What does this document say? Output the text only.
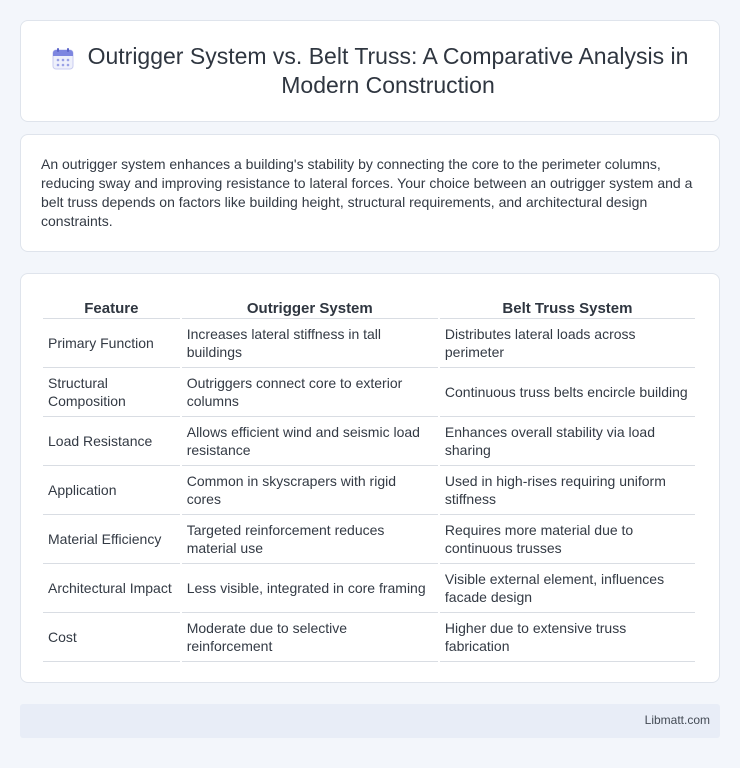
Outrigger System vs. Belt Truss: A Comparative Analysis in Modern Construction

An outrigger system enhances a building's stability by connecting the core to the perimeter columns, reducing sway and improving resistance to lateral forces. Your choice between an outrigger system and a belt truss depends on factors like building height, structural requirements, and architectural design constraints.

Feature	Outrigger System	Belt Truss System
Primary Function	Increases lateral stiffness in tall buildings	Distributes lateral loads across perimeter
Structural Composition	Outriggers connect core to exterior columns	Continuous truss belts encircle building
Load Resistance	Allows efficient wind and seismic load resistance	Enhances overall stability via load sharing
Application	Common in skyscrapers with rigid cores	Used in high-rises requiring uniform stiffness
Material Efficiency	Targeted reinforcement reduces material use	Requires more material due to continuous trusses
Architectural Impact	Less visible, integrated in core framing	Visible external element, influences facade design
Cost	Moderate due to selective reinforcement	Higher due to extensive truss fabrication
Libmatt.com
